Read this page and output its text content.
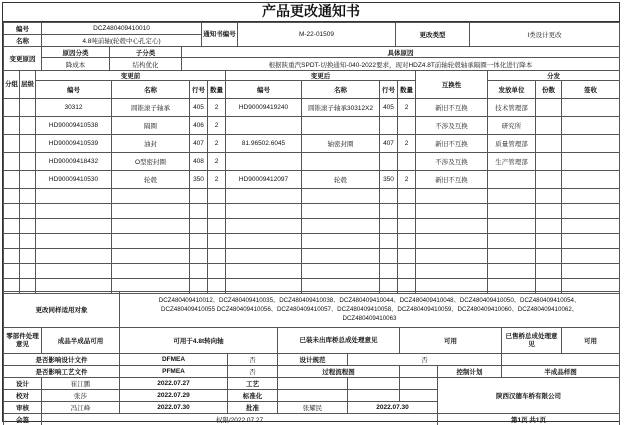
产品更改通知书
编号	DCZ480409410010	通知书编号	M-22-01509	更改类型	I类设计更改
名称	4.8吨前轴(轮毂中心孔定心)				
变更原因	原因分类	子分类	具体原因
	降成本	结构优化	根据陕重汽SPDT-切换通知-040-2022要求，现对HDZ4.8T前轴轮毂轴承隔圈一体化进行降本
分组	层级	变更前				变更后				互换性	分发		
		编号	名称	行号	数量	编号	名称	行号	数量		发放单位	份数	签收
		30312	圆锥滚子轴承	405	2	HD90009419240	圆锥滚子轴承30312X2	405	2	新旧不互换	技术管理部		
		HD90009410538	隔圈	406	2					不涉及互换	研究所		
		HD90009410539	油封	407	2	81.96502.6045	轴密封圈	407	2	新旧不互换	质量管理部		
		HD90009418432	O型密封圈	408	2					不涉及互换	生产管理部		
		HD90009410530	轮毂	350	2	HD90009412097	轮毂	350	2	新旧不互换			

更改同样适用对象	
DCZ480409410012、DCZ480409410035、DCZ480409410038、DCZ480409410044、DCZ480409410048、DCZ480409410050、DCZ480409410054、
DCZ480409410055 DCZ480409410056、DCZ480409410057、DCZ480409410058、DCZ480409410059、DCZ480409410060、DCZ480409410062、
DCZ480409410063
零部件处理意见	成品半成品可用	可用于4.8t转向轴		已装未出库桥总成处理意见		可用		已售桥总成处理意见	可用
是否影响设计文件		DFMEA	否	设计规范	否				
是否影响工艺文件		PFMEA	否	过程流程图			控制计划	半成品样图	
设计	崔江鹏	2022.07.27	工艺				陕西汉德车桥有限公司
校对	张莎	2022.07.29	标准化				
审核	冯江峰	2022.07.30	批准	张耀民	2022.07.30		
会签	权限/2022.07.27						第1页 共1页
